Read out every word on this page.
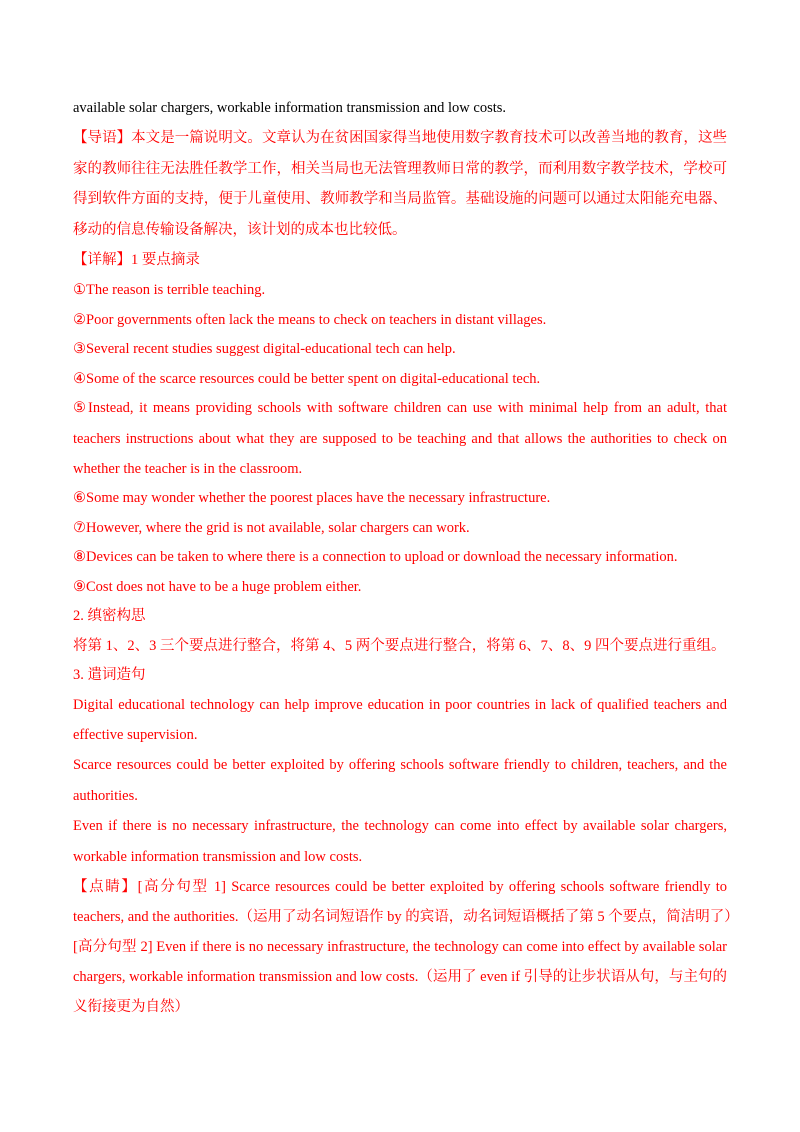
available solar chargers, workable information transmission and low costs.
【导语】本文是一篇说明文。文章认为在贫困国家得当地使用数字教育技术可以改善当地的教育，这些
家的教师往往无法胜任教学工作，相关当局也无法管理教师日常的教学，而利用数字教学技术，学校可
得到软件方面的支持，便于儿童使用、教师教学和当局监管。基础设施的问题可以通过太阳能充电器、
移动的信息传输设备解决，该计划的成本也比较低。
【详解】1 要点摘录
①The reason is terrible teaching.
②Poor governments often lack the means to check on teachers in distant villages.
③Several recent studies suggest digital-educational tech can help.
④Some of the scarce resources could be better spent on digital-educational tech.
⑤Instead, it means providing schools with software children can use with minimal help from an adult, that
teachers instructions about what they are supposed to be teaching and that allows the authorities to check on
whether the teacher is in the classroom.
⑥Some may wonder whether the poorest places have the necessary infrastructure.
⑦However, where the grid is not available, solar chargers can work.
⑧Devices can be taken to where there is a connection to upload or download the necessary information.
⑨Cost does not have to be a huge problem either.
2. 缜密构思
将第 1、2、3 三个要点进行整合，将第 4、5 两个要点进行整合，将第 6、7、8、9 四个要点进行重组。
3. 遣词造句
Digital educational technology can help improve education in poor countries in lack of qualified teachers and
effective supervision.
Scarce resources could be better exploited by offering schools software friendly to children, teachers, and the
authorities.
Even if there is no necessary infrastructure, the technology can come into effect by available solar chargers,
workable information transmission and low costs.
【点睛】[高分句型 1] Scarce resources could be better exploited by offering schools software friendly to
teachers, and the authorities.（运用了动名词短语作 by 的宾语，动名词短语概括了第 5 个要点，简洁明了）
[高分句型 2] Even if there is no necessary infrastructure, the technology can come into effect by available solar
chargers, workable information transmission and low costs.（运用了 even if 引导的让步状语从句，与主句的
义衔接更为自然）
